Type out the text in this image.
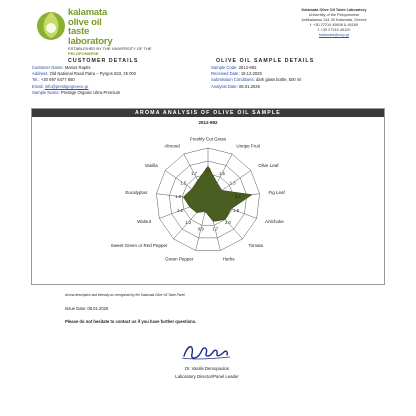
kalamata
olive oil
taste
laboratory
ESTABLISHED BY THE UNIVERSITY OF THE
PELOPONNESE
Kalamata Olive Oil Taste Laboratory
University of the Peloponnese
Antikalamou 241 00 Kalamata, Greece
t. +30 27210 45606 & 45169
f. +30 27210 45120
kalamata@uop.gr
CUSTOMER DETAILS
Customer Name: Marios Raptis
Address: Old National Road Patra – Pyrgos 633, 25 002
Tel.: +30 697 6477 650
Email: info@prestigegreece.gr
Sample Name: Prestige Organic Ultra-Premium
OLIVE OIL SAMPLE DETAILS
Sample Code: 2512-992
Received Date: 19.12.2025
Submission Conditions: dark glass bottle, 500 ml
Analysis Date: 08.01.2026
AROMA ANALYSIS OF OLIVE OIL SAMPLE
2512-992
2.6
1.5
1.3
3.4
1.9
2.0
1.7
0.9
1.3
1.5
1.9
1.5
1.7
Freshly Cut Grass
Unripe Fruit
Olive Leaf
Fig Leaf
Artichoke
Tomato
Herbs
Green Pepper
Sweet Green or Red Pepper
Walnut
Eucalyptus
Vanilla
Almond
Aroma descriptors and intensity as recognised by the Kalamata Olive Oil Taste Panel
Issue Date: 08.01.2026
Please do not hesitate to contact us if you have further questions.
Dr. Vasilis Demopoulos
Laboratory Director/Panel Leader
